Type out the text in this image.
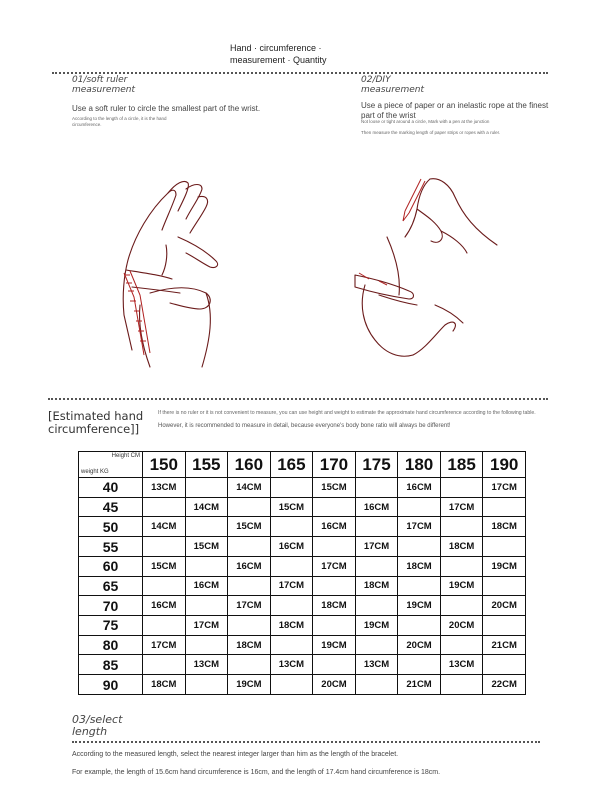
Hand · circumference ·
measurement · Quantity
01/soft ruler
measurement
Use a soft ruler to circle the smallest part of the wrist.
According to the length of a circle, it is the hand
circumference.
02/DIY
measurement
Use a piece of paper or an inelastic rope at the finest
part of the wrist
Not loose or tight around a circle, Mark with a pen at the junction
Then measure the marking length of paper strips or ropes with a ruler.
[Estimated hand
circumference]]
If there is no ruler or it is not convenient to measure, you can use height and weight to estimate the approximate hand circumference according to the following table.
However, it is recommended to measure in detail, because everyone's body bone ratio will always be different!
Height CM
weight KG	150	155	160	165	170	175	180	185	190
40	13CM		14CM		15CM		16CM		17CM
45		14CM		15CM		16CM		17CM	
50	14CM		15CM		16CM		17CM		18CM
55		15CM		16CM		17CM		18CM	
60	15CM		16CM		17CM		18CM		19CM
65		16CM		17CM		18CM		19CM	
70	16CM		17CM		18CM		19CM		20CM
75		17CM		18CM		19CM		20CM	
80	17CM		18CM		19CM		20CM		21CM
85		13CM		13CM		13CM		13CM	
90	18CM		19CM		20CM		21CM		22CM
03/select
length
According to the measured length, select the nearest integer larger than him as the length of the bracelet.
For example, the length of 15.6cm hand circumference is 16cm, and the length of 17.4cm hand circumference is 18cm.
